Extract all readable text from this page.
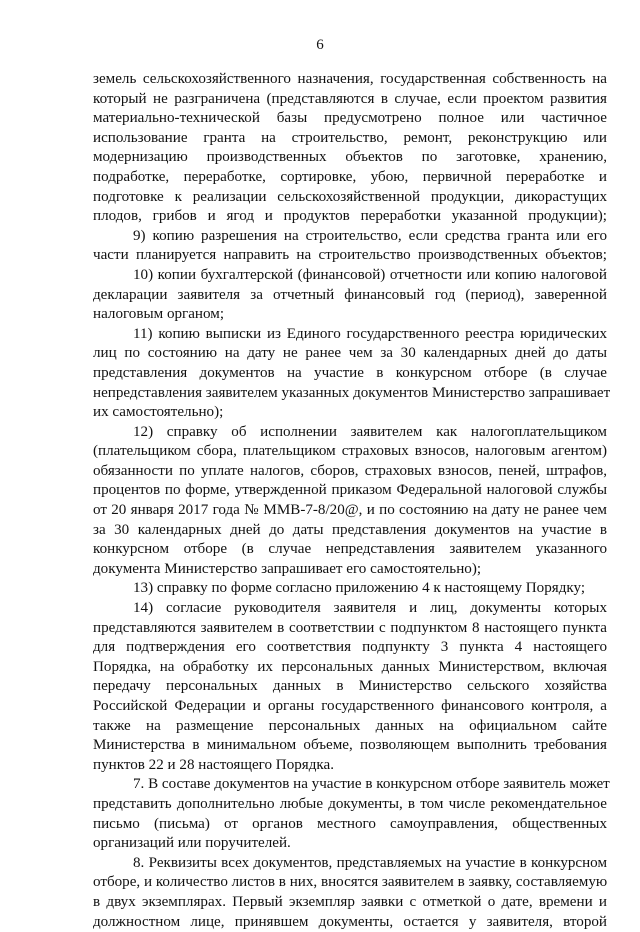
6
земель сельскохозяйственного назначения, государственная собственность на
который не разграничена (представляются в случае, если проектом развития
материально-технической базы предусмотрено полное или частичное
использование гранта на строительство, ремонт, реконструкцию или
модернизацию производственных объектов по заготовке, хранению,
подработке, переработке, сортировке, убою, первичной переработке и
подготовке к реализации сельскохозяйственной продукции, дикорастущих
плодов, грибов и ягод и продуктов переработки указанной продукции);
9) копию разрешения на строительство, если средства гранта или его
части планируется направить на строительство производственных объектов;
10) копии бухгалтерской (финансовой) отчетности или копию налоговой
декларации заявителя за отчетный финансовый год (период), заверенной
налоговым органом;
11) копию выписки из Единого государственного реестра юридических
лиц по состоянию на дату не ранее чем за 30 календарных дней до даты
представления документов на участие в конкурсном отборе (в случае
непредставления заявителем указанных документов Министерство запрашивает
их самостоятельно);
12) справку об исполнении заявителем как налогоплательщиком
(плательщиком сбора, плательщиком страховых взносов, налоговым агентом)
обязанности по уплате налогов, сборов, страховых взносов, пеней, штрафов,
процентов по форме, утвержденной приказом Федеральной налоговой службы
от 20 января 2017 года № ММВ-7-8/20@, и по состоянию на дату не ранее чем
за 30 календарных дней до даты представления документов на участие в
конкурсном отборе (в случае непредставления заявителем указанного
документа Министерство запрашивает его самостоятельно);
13) справку по форме согласно приложению 4 к настоящему Порядку;
14) согласие руководителя заявителя и лиц, документы которых
представляются заявителем в соответствии с подпунктом 8 настоящего пункта
для подтверждения его соответствия подпункту 3 пункта 4 настоящего
Порядка, на обработку их персональных данных Министерством, включая
передачу персональных данных в Министерство сельского хозяйства
Российской Федерации и органы государственного финансового контроля, а
также на размещение персональных данных на официальном сайте
Министерства в минимальном объеме, позволяющем выполнить требования
пунктов 22 и 28 настоящего Порядка.
7. В составе документов на участие в конкурсном отборе заявитель может
представить дополнительно любые документы, в том числе рекомендательное
письмо (письма) от органов местного самоуправления, общественных
организаций или поручителей.
8. Реквизиты всех документов, представляемых на участие в конкурсном
отборе, и количество листов в них, вносятся заявителем в заявку, составляемую
в двух экземплярах. Первый экземпляр заявки с отметкой о дате, времени и
должностном лице, принявшем документы, остается у заявителя, второй
